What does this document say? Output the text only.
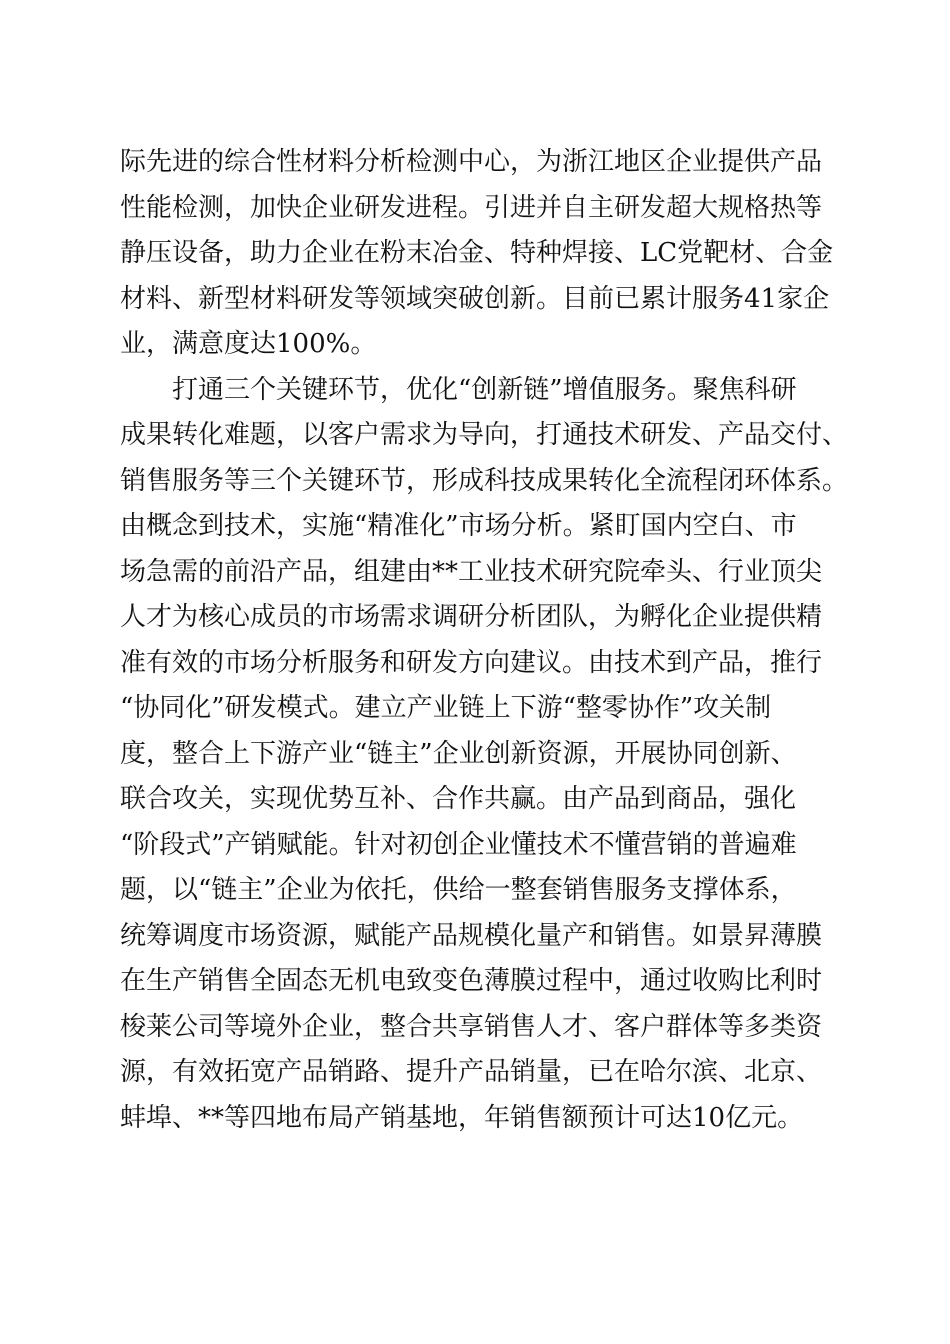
际先进的综合性材料分析检测中心，为浙江地区企业提供产品
性能检测，加快企业研发进程。引进并自主研发超大规格热等
静压设备，助力企业在粉末冶金、特种焊接、LC党靶材、合金
材料、新型材料研发等领域突破创新。目前已累计服务41家企
业，满意度达100%。
　　打通三个关键环节，优化“创新链”增值服务。聚焦科研
成果转化难题，以客户需求为导向，打通技术研发、产品交付、
销售服务等三个关键环节，形成科技成果转化全流程闭环体系。
由概念到技术，实施“精准化”市场分析。紧盯国内空白、市
场急需的前沿产品，组建由**工业技术研究院牵头、行业顶尖
人才为核心成员的市场需求调研分析团队，为孵化企业提供精
准有效的市场分析服务和研发方向建议。由技术到产品，推行
“协同化”研发模式。建立产业链上下游“整零协作”攻关制
度，整合上下游产业“链主”企业创新资源，开展协同创新、
联合攻关，实现优势互补、合作共赢。由产品到商品，强化
“阶段式”产销赋能。针对初创企业懂技术不懂营销的普遍难
题，以“链主”企业为依托，供给一整套销售服务支撑体系，
统筹调度市场资源，赋能产品规模化量产和销售。如景昇薄膜
在生产销售全固态无机电致变色薄膜过程中，通过收购比利时
梭莱公司等境外企业，整合共享销售人才、客户群体等多类资
源，有效拓宽产品销路、提升产品销量，已在哈尔滨、北京、
蚌埠、**等四地布局产销基地，年销售额预计可达10亿元。
